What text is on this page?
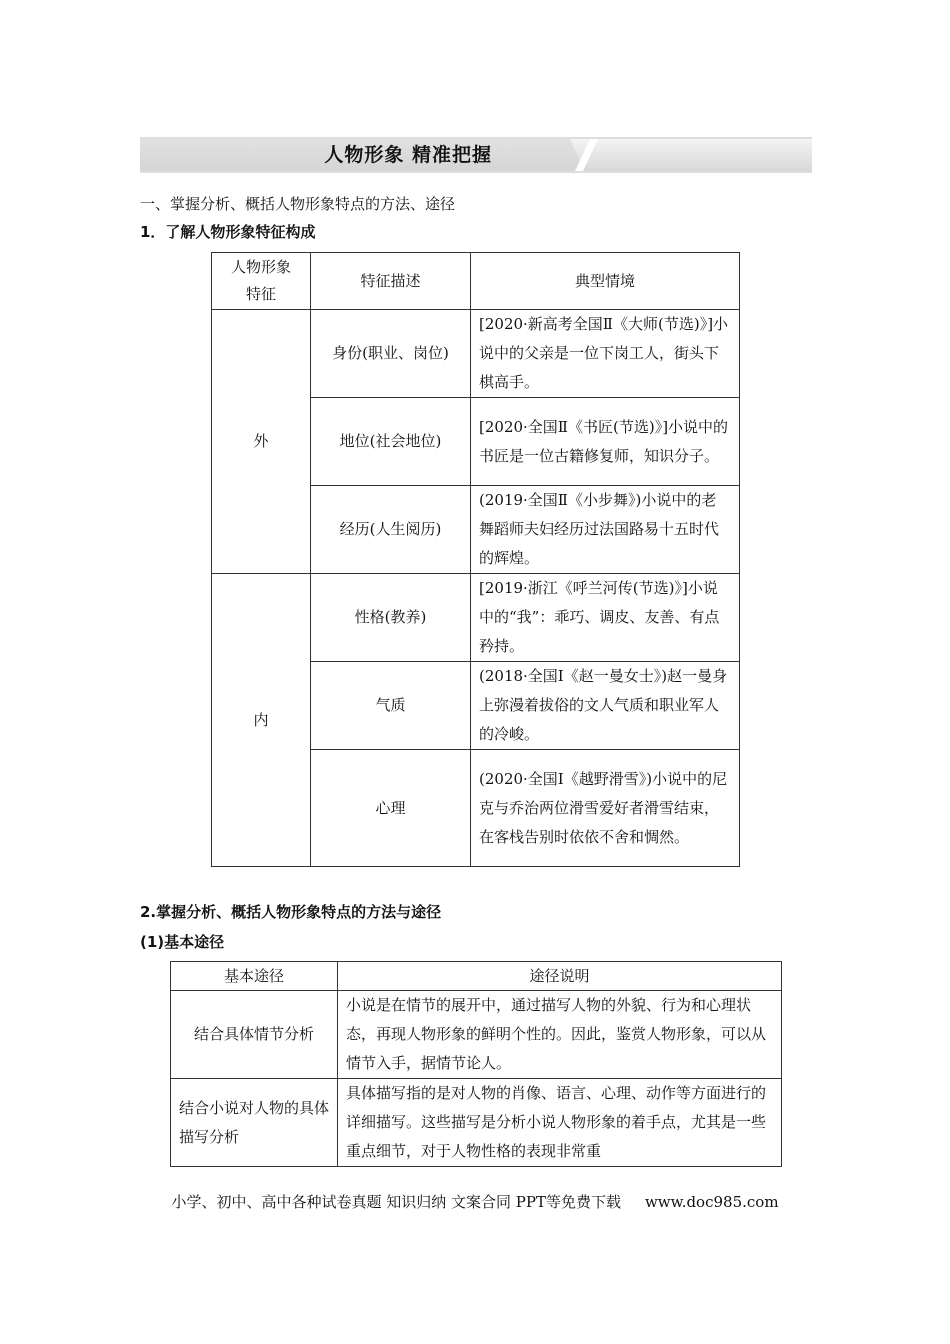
人物形象 精准把握
一、掌握分析、概括人物形象特点的方法、途径
1．了解人物形象特征构成
人物形象特征	特征描述	典型情境
外	身份(职业、岗位)	[2020·新高考全国Ⅱ《大师(节选)》]小说中的父亲是一位下岗工人，街头下棋高手。
	地位(社会地位)	[2020·全国Ⅱ《书匠(节选)》]小说中的书匠是一位古籍修复师，知识分子。
	经历(人生阅历)	(2019·全国Ⅱ《小步舞》)小说中的老舞蹈师夫妇经历过法国路易十五时代的辉煌。
内	性格(教养)	[2019·浙江《呼兰河传(节选)》]小说中的“我”：乖巧、调皮、友善、有点矜持。
	气质	(2018·全国Ⅰ《赵一曼女士》)赵一曼身上弥漫着拔俗的文人气质和职业军人的冷峻。
	心理	(2020·全国Ⅰ《越野滑雪》)小说中的尼克与乔治两位滑雪爱好者滑雪结束，在客栈告别时依依不舍和惆然。
2.掌握分析、概括人物形象特点的方法与途径
(1)基本途径
基本途径	途径说明
结合具体情节分析	小说是在情节的展开中，通过描写人物的外貌、行为和心理状态，再现人物形象的鲜明个性的。因此，鉴赏人物形象，可以从情节入手，据情节论人。
结合小说对人物的具体描写分析	具体描写指的是对人物的肖像、语言、心理、动作等方面进行的详细描写。这些描写是分析小说人物形象的着手点，尤其是一些重点细节，对于人物性格的表现非常重
小学、初中、高中各种试卷真题 知识归纳 文案合同 PPT等免费下载 www.doc985.com
